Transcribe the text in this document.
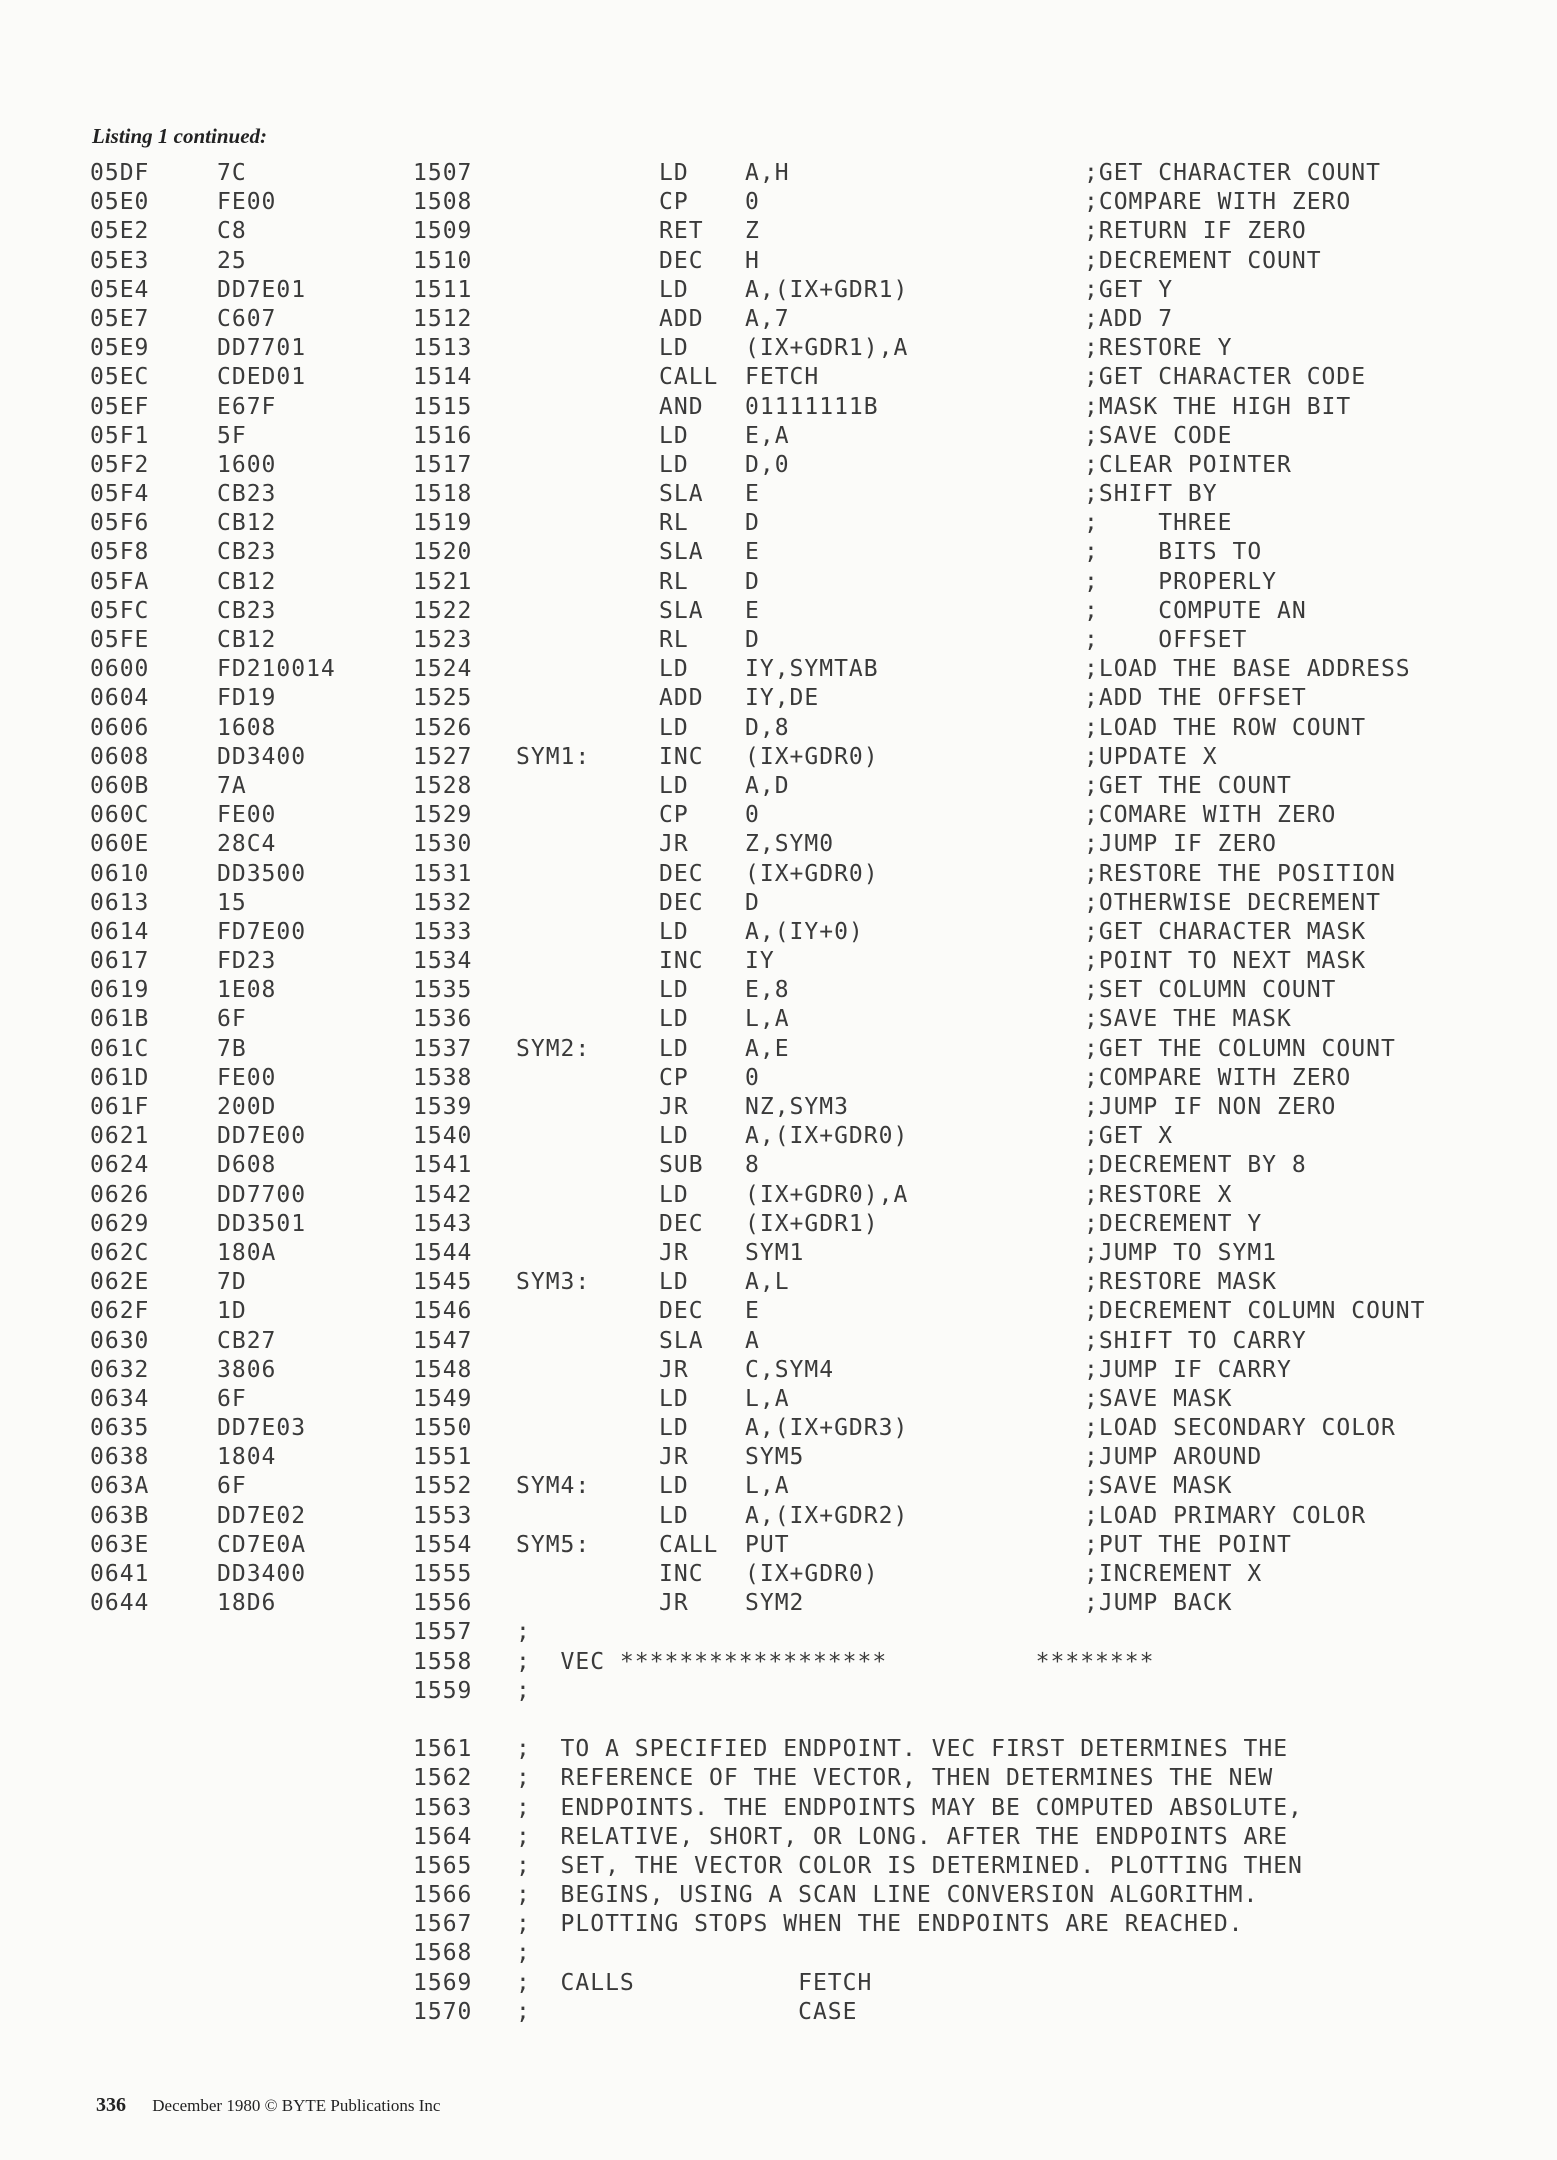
Listing 1 continued:
05DF	7C	1507	LD A,H	;GET CHARACTER COUNT
05E0	FE00	1508	CP 0	;COMPARE WITH ZERO
05E2	C8	1509	RET Z	;RETURN IF ZERO
05E3	25	1510	DEC H	;DECREMENT COUNT
05E4	DD7E01	1511	LD A,(IX+GDR1)	;GET Y
05E7	C607	1512	ADD A,7	;ADD 7
05E9	DD7701	1513	LD (IX+GDR1),A	;RESTORE Y
05EC	CDED01	1514	CALL FETCH	;GET CHARACTER CODE
05EF	E67F	1515	AND 01111111B	;MASK THE HIGH BIT
05F1	5F	1516	LD E,A	;SAVE CODE
05F2	1600	1517	LD D,0	;CLEAR POINTER
05F4	CB23	1518	SLA E	;SHIFT BY
05F6	CB12	1519	RL D	;    THREE
05F8	CB23	1520	SLA E	;    BITS TO
05FA	CB12	1521	RL D	;    PROPERLY
05FC	CB23	1522	SLA E	;    COMPUTE AN
05FE	CB12	1523	RL D	;    OFFSET
0600	FD210014	1524	LD IY,SYMTAB	;LOAD THE BASE ADDRESS
0604	FD19	1525	ADD IY,DE	;ADD THE OFFSET
0606	1608	1526	LD D,8	;LOAD THE ROW COUNT
0608	DD3400	1527 SYM1:	INC (IX+GDR0)	;UPDATE X
060B	7A	1528	LD A,D	;GET THE COUNT
060C	FE00	1529	CP 0	;COMARE WITH ZERO
060E	28C4	1530	JR Z,SYM0	;JUMP IF ZERO
0610	DD3500	1531	DEC (IX+GDR0)	;RESTORE THE POSITION
0613	15	1532	DEC D	;OTHERWISE DECREMENT
0614	FD7E00	1533	LD A,(IY+0)	;GET CHARACTER MASK
0617	FD23	1534	INC IY	;POINT TO NEXT MASK
0619	1E08	1535	LD E,8	;SET COLUMN COUNT
061B	6F	1536	LD L,A	;SAVE THE MASK
061C	7B	1537 SYM2:	LD A,E	;GET THE COLUMN COUNT
061D	FE00	1538	CP 0	;COMPARE WITH ZERO
061F	200D	1539	JR NZ,SYM3	;JUMP IF NON ZERO
0621	DD7E00	1540	LD A,(IX+GDR0)	;GET X
0624	D608	1541	SUB 8	;DECREMENT BY 8
0626	DD7700	1542	LD (IX+GDR0),A	;RESTORE X
0629	DD3501	1543	DEC (IX+GDR1)	;DECREMENT Y
062C	180A	1544	JR SYM1	;JUMP TO SYM1
062E	7D	1545 SYM3:	LD A,L	;RESTORE MASK
062F	1D	1546	DEC E	;DECREMENT COLUMN COUNT
0630	CB27	1547	SLA A	;SHIFT TO CARRY
0632	3806	1548	JR C,SYM4	;JUMP IF CARRY
0634	6F	1549	LD L,A	;SAVE MASK
0635	DD7E03	1550	LD A,(IX+GDR3)	;LOAD SECONDARY COLOR
0638	1804	1551	JR SYM5	;JUMP AROUND
063A	6F	1552 SYM4:	LD L,A	;SAVE MASK
063B	DD7E02	1553	LD A,(IX+GDR2)	;LOAD PRIMARY COLOR
063E	CD7E0A	1554 SYM5:	CALL PUT	;PUT THE POINT
0641	DD3400	1555	INC (IX+GDR0)	;INCREMENT X
0644	18D6	1556	JR SYM2	;JUMP BACK
1557 ;
1558 ;  VEC ******************          ********
1559 ;
1561 ;  TO A SPECIFIED ENDPOINT. VEC FIRST DETERMINES THE
1562 ;  REFERENCE OF THE VECTOR, THEN DETERMINES THE NEW
1563 ;  ENDPOINTS. THE ENDPOINTS MAY BE COMPUTED ABSOLUTE,
1564 ;  RELATIVE, SHORT, OR LONG. AFTER THE ENDPOINTS ARE
1565 ;  SET, THE VECTOR COLOR IS DETERMINED. PLOTTING THEN
1566 ;  BEGINS, USING A SCAN LINE CONVERSION ALGORITHM.
1567 ;  PLOTTING STOPS WHEN THE ENDPOINTS ARE REACHED.
1568 ;
1569 ;  CALLS           FETCH
1570 ;                  CASE
336 December 1980 © BYTE Publications Inc
